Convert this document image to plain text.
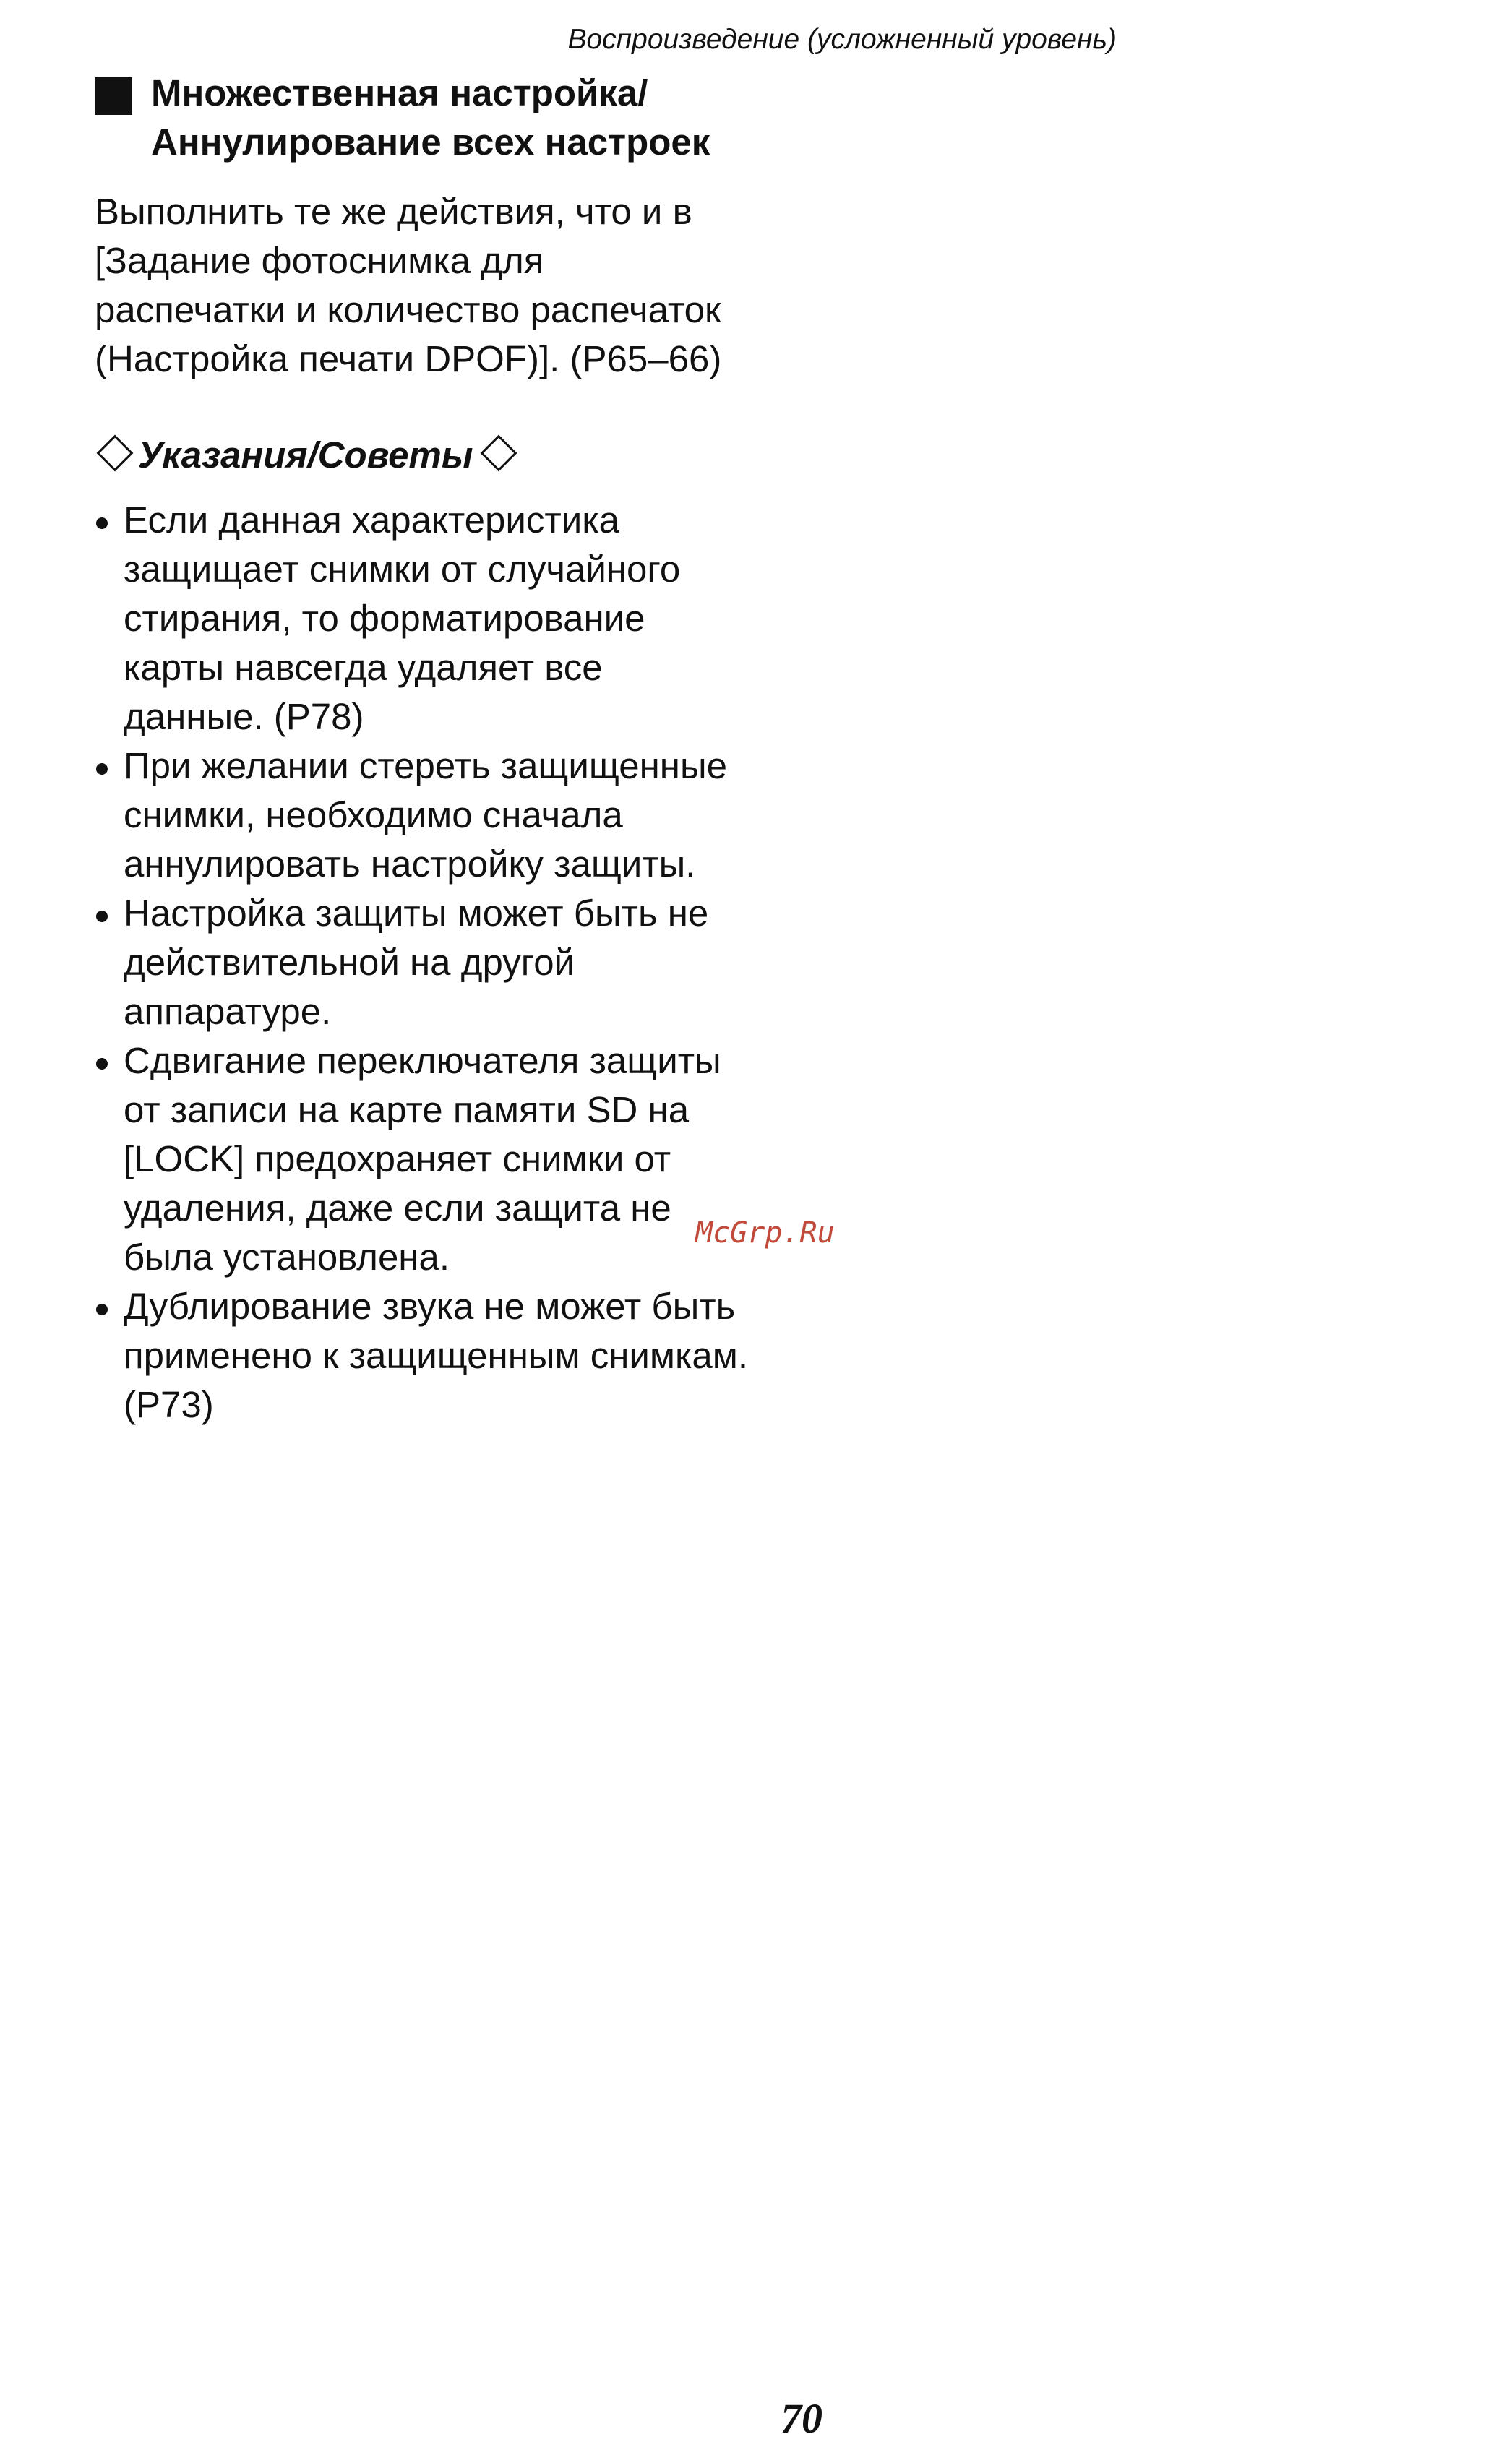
Воспроизведение (усложненный уровень)
Множественная настройка/
Аннулирование всех настроек
Выполнить те же действия, что и в
[Задание фотоснимка для
распечатки и количество распечаток
(Настройка печати DPOF)]. (P65–66)
Указания/Советы
Если данная характеристика
защищает снимки от случайного
стирания, то форматирование
карты навсегда удаляет все
данные. (P78)
При желании стереть защищенные
снимки, необходимо сначала
аннулировать настройку защиты.
Настройка защиты может быть не
действительной на другой
аппаратуре.
Сдвигание переключателя защиты
от записи на карте памяти SD на
[LOCK] предохраняет снимки от
удаления, даже если защита не
была установлена.
Дублирование звука не может быть
применено к защищенным снимкам.
(P73)
McGrp.Ru
70
